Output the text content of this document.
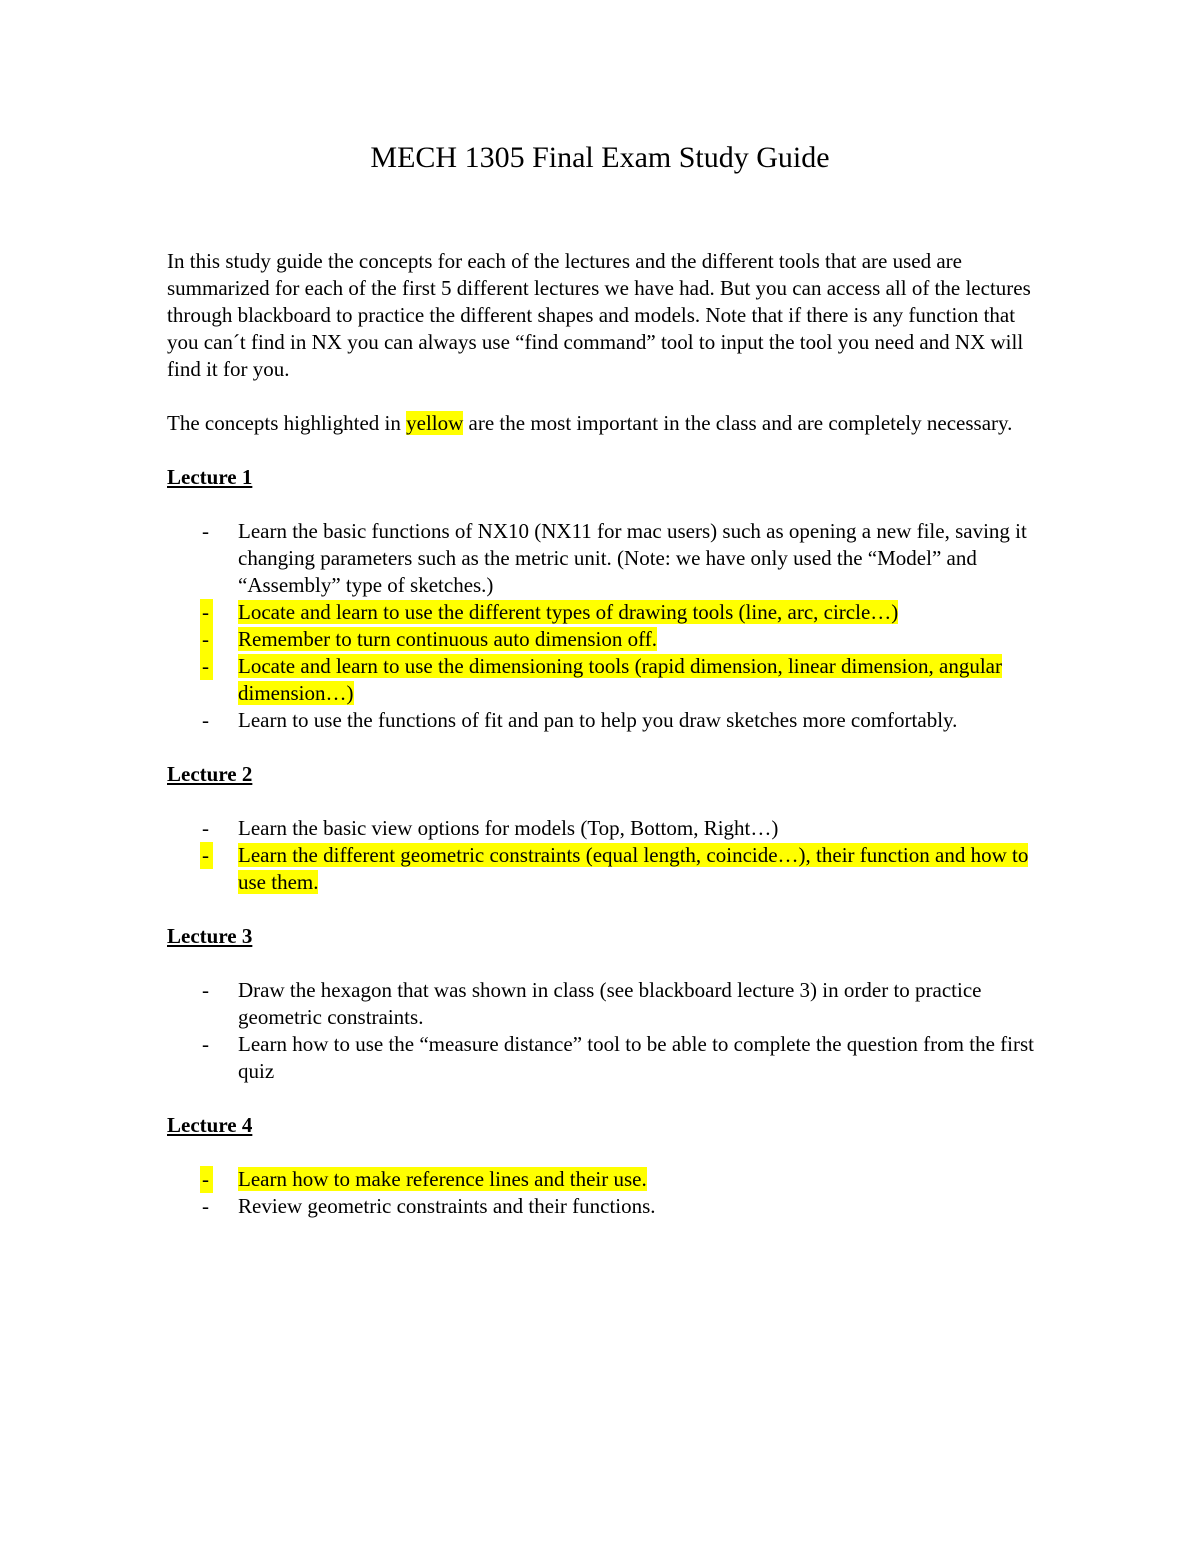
MECH 1305 Final Exam Study Guide

In this study guide the concepts for each of the lectures and the different tools that are used are summarized for each of the first 5 different lectures we have had. But you can access all of the lectures through blackboard to practice the different shapes and models. Note that if there is any function that you can´t find in NX you can always use “find command” tool to input the tool you need and NX will find it for you.

The concepts highlighted in yellow are the most important in the class and are completely necessary.

Lecture 1

- Learn the basic functions of NX10 (NX11 for mac users) such as opening a new file, saving it changing parameters such as the metric unit. (Note: we have only used the “Model” and “Assembly” type of sketches.)
- Locate and learn to use the different types of drawing tools (line, arc, circle…)
- Remember to turn continuous auto dimension off.
- Locate and learn to use the dimensioning tools (rapid dimension, linear dimension, angular dimension…)
- Learn to use the functions of fit and pan to help you draw sketches more comfortably.

Lecture 2

- Learn the basic view options for models (Top, Bottom, Right…)
- Learn the different geometric constraints (equal length, coincide…), their function and how to use them.

Lecture 3

- Draw the hexagon that was shown in class (see blackboard lecture 3) in order to practice geometric constraints.
- Learn how to use the “measure distance” tool to be able to complete the question from the first quiz

Lecture 4

- Learn how to make reference lines and their use.
- Review geometric constraints and their functions.
